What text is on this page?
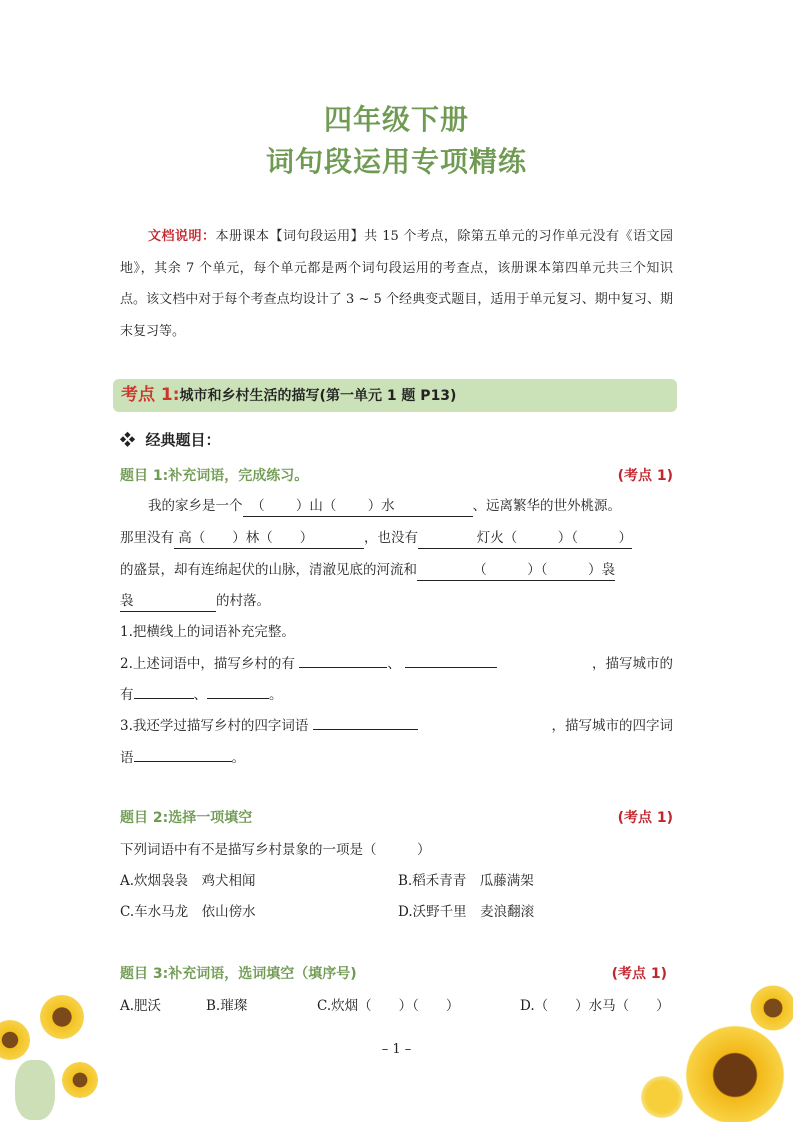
四年级下册
词句段运用专项精练
文档说明：本册课本【词句段运用】共 15 个考点，除第五单元的习作单元没有《语文园地》，其余 7 个单元，每个单元都是两个词句段运用的考查点，该册课本第四单元共三个知识点。该文档中对于每个考查点均设计了 3 ~ 5 个经典变式题目，适用于单元复习、期中复习、期末复习等。
考点 1:城市和乡村生活的描写(第一单元 1 题 P13)
❖ 经典题目：
题目 1:补充词语，完成练习。	(考点 1)
我的家乡是一个 （   ）山（   ）水	、远离繁华的世外桃源。
那里没有 高（   ）林（   ）	，也没有	灯火（   	）（   	）
的盛景，却有连绵起伏的山脉，清澈见底的河流和	（   	）（   	）袅
袅	的村落。
1.把横线上的词语补充完整。
2.上述词语中，描写乡村的有	、	，描写城市的
有	、	。
3.我还学过描写乡村的四字词语	，描写城市的四字词
语	。
题目 2:选择一项填空	(考点 1)
下列词语中有不是描写乡村景象的一项是（　　　）
A.炊烟袅袅　鸡犬相闻	B.稻禾青青　瓜藤满架
C.车水马龙　依山傍水	D.沃野千里　麦浪翻滚
题目 3:补充词语，选词填空（填序号)	(考点 1)
A.肥沃	B.璀璨	C.炊烟（　　）（　　）	D.（　　）水马（　　）
– 1 –
